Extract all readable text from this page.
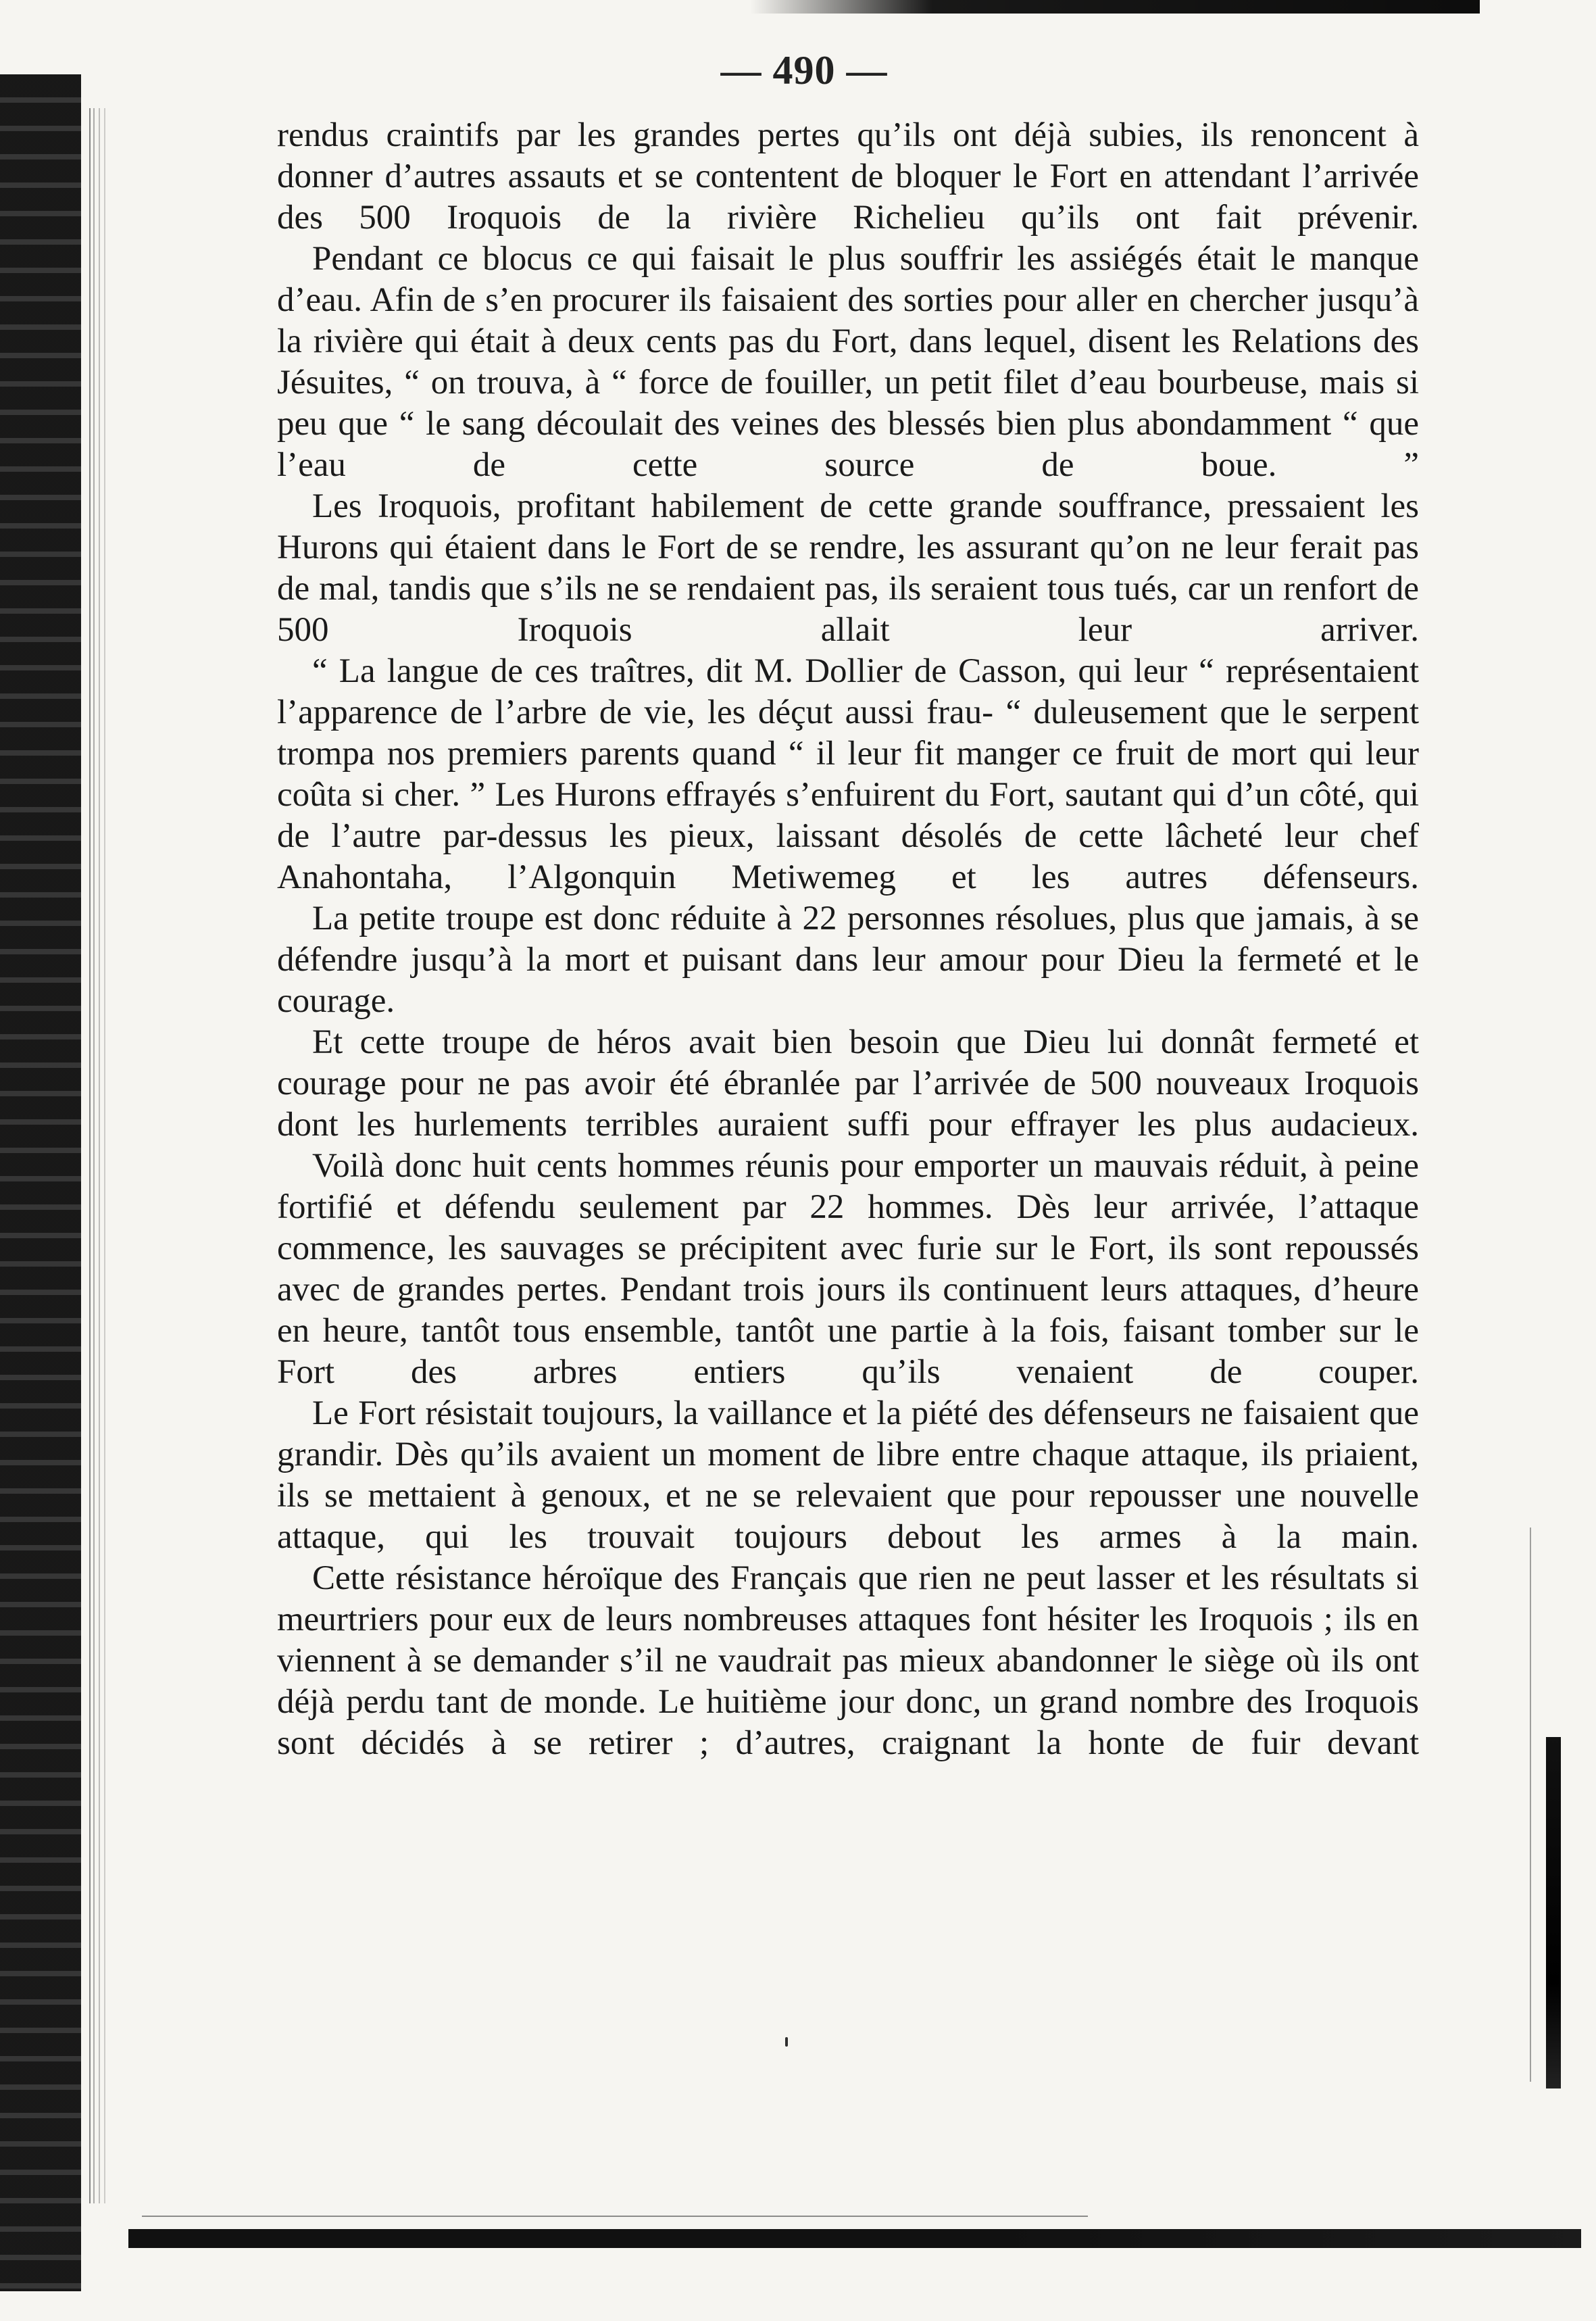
— 490 —

rendus craintifs par les grandes pertes qu’ils ont déjà subies, ils renoncent à donner d’autres assauts et se contentent de bloquer le Fort en attendant l’arrivée des 500 Iroquois de la rivière Richelieu qu’ils ont fait prévenir.

Pendant ce blocus ce qui faisait le plus souffrir les assiégés était le manque d’eau. Afin de s’en procurer ils faisaient des sorties pour aller en chercher jusqu’à la rivière qui était à deux cents pas du Fort, dans lequel, disent les Relations des Jésuites, “ on trouva, à “ force de fouiller, un petit filet d’eau bourbeuse, mais si peu que “ le sang découlait des veines des blessés bien plus abondamment “ que l’eau de cette source de boue. ”

Les Iroquois, profitant habilement de cette grande souffrance, pressaient les Hurons qui étaient dans le Fort de se rendre, les assurant qu’on ne leur ferait pas de mal, tandis que s’ils ne se rendaient pas, ils seraient tous tués, car un renfort de 500 Iroquois allait leur arriver.

“ La langue de ces traîtres, dit M. Dollier de Casson, qui leur “ représentaient l’apparence de l’arbre de vie, les déçut aussi frau- “ duleusement que le serpent trompa nos premiers parents quand “ il leur fit manger ce fruit de mort qui leur coûta si cher. ” Les Hurons effrayés s’enfuirent du Fort, sautant qui d’un côté, qui de l’autre par-dessus les pieux, laissant désolés de cette lâcheté leur chef Anahontaha, l’Algonquin Metiwemeg et les autres défenseurs.

La petite troupe est donc réduite à 22 personnes résolues, plus que jamais, à se défendre jusqu’à la mort et puisant dans leur amour pour Dieu la fermeté et le courage.

Et cette troupe de héros avait bien besoin que Dieu lui donnât fermeté et courage pour ne pas avoir été ébranlée par l’arrivée de 500 nouveaux Iroquois dont les hurlements terribles auraient suffi pour effrayer les plus audacieux.

Voilà donc huit cents hommes réunis pour emporter un mauvais réduit, à peine fortifié et défendu seulement par 22 hommes. Dès leur arrivée, l’attaque commence, les sauvages se précipitent avec furie sur le Fort, ils sont repoussés avec de grandes pertes. Pendant trois jours ils continuent leurs attaques, d’heure en heure, tantôt tous ensemble, tantôt une partie à la fois, faisant tomber sur le Fort des arbres entiers qu’ils venaient de couper.

Le Fort résistait toujours, la vaillance et la piété des défenseurs ne faisaient que grandir. Dès qu’ils avaient un moment de libre entre chaque attaque, ils priaient, ils se mettaient à genoux, et ne se relevaient que pour repousser une nouvelle attaque, qui les trouvait toujours debout les armes à la main.

Cette résistance héroïque des Français que rien ne peut lasser et les résultats si meurtriers pour eux de leurs nombreuses attaques font hésiter les Iroquois ; ils en viennent à se demander s’il ne vaudrait pas mieux abandonner le siège où ils ont déjà perdu tant de monde. Le huitième jour donc, un grand nombre des Iroquois sont décidés à se retirer ; d’autres, craignant la honte de fuir devant
